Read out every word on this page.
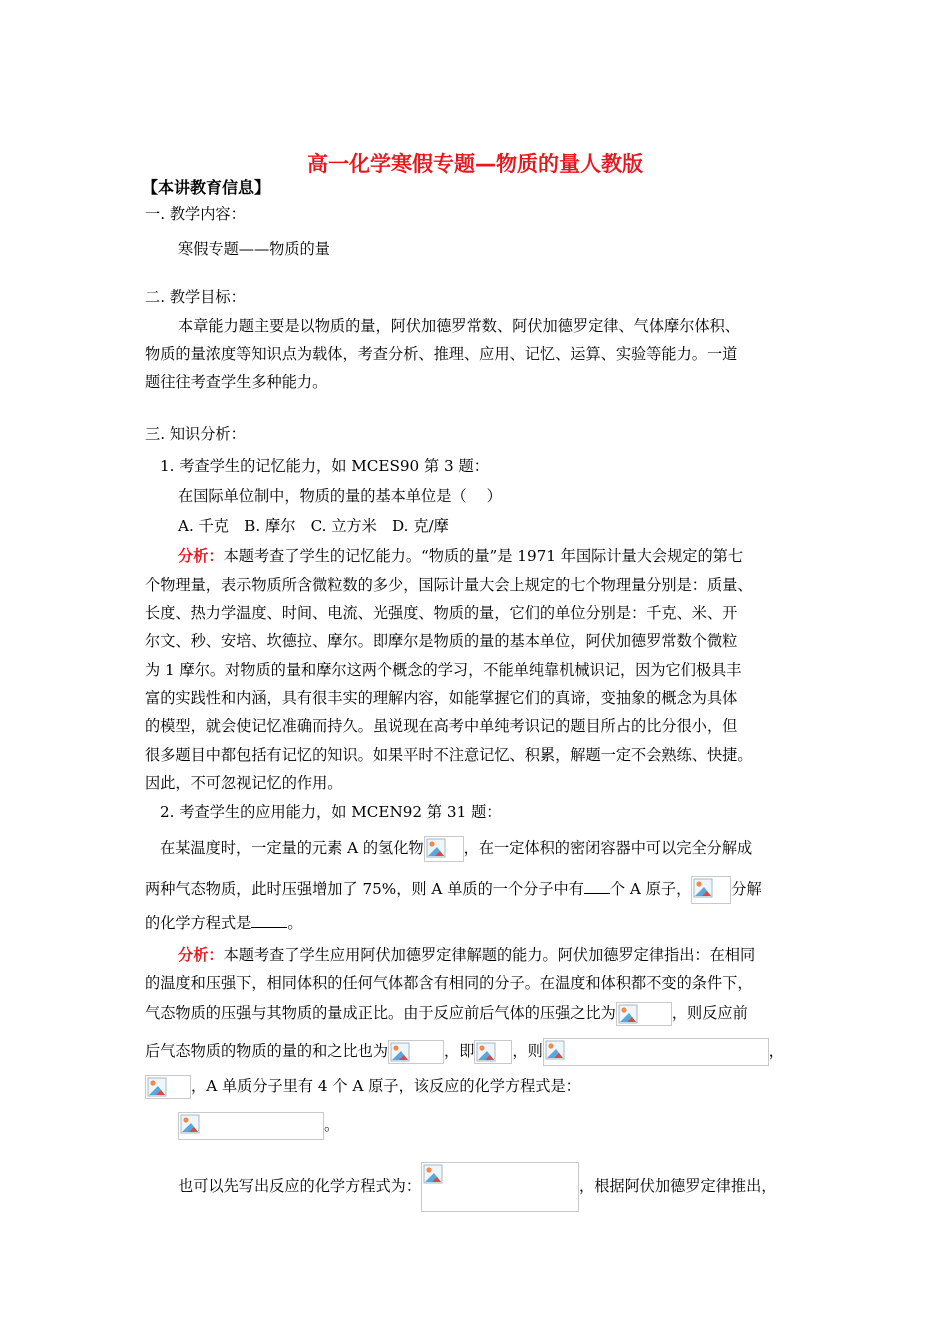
高一化学寒假专题—物质的量人教版
【本讲教育信息】
一. 教学内容：
寒假专题——物质的量
二. 教学目标：
本章能力题主要是以物质的量，阿伏加德罗常数、阿伏加德罗定律、气体摩尔体积、
物质的量浓度等知识点为载体，考查分析、推理、应用、记忆、运算、实验等能力。一道
题往往考查学生多种能力。
三. 知识分析：
1. 考查学生的记忆能力，如 MCES90 第 3 题：
在国际单位制中，物质的量的基本单位是（　 ）
A. 千克　B. 摩尔　C. 立方米　D. 克/摩
分析：本题考查了学生的记忆能力。“物质的量”是 1971 年国际计量大会规定的第七
个物理量，表示物质所含微粒数的多少，国际计量大会上规定的七个物理量分别是：质量、
长度、热力学温度、时间、电流、光强度、物质的量，它们的单位分别是：千克、米、开
尔文、秒、安培、坎德拉、摩尔。即摩尔是物质的量的基本单位，阿伏加德罗常数个微粒
为 1 摩尔。对物质的量和摩尔这两个概念的学习，不能单纯靠机械识记，因为它们极具丰
富的实践性和内涵，具有很丰实的理解内容，如能掌握它们的真谛，变抽象的概念为具体
的模型，就会使记忆准确而持久。虽说现在高考中单纯考识记的题目所占的比分很小，但
很多题目中都包括有记忆的知识。如果平时不注意记忆、积累，解题一定不会熟练、快捷。
因此，不可忽视记忆的作用。
2. 考查学生的应用能力，如 MCEN92 第 31 题：
在某温度时，一定量的元素 A 的氢化物	，在一定体积的密闭容器中可以完全分解成
两种气态物质，此时压强增加了 75%，则 A 单质的一个分子中有 个 A 原子，	分解
的化学方程式是 。
分析：本题考查了学生应用阿伏加德罗定律解题的能力。阿伏加德罗定律指出：在相同
的温度和压强下，相同体积的任何气体都含有相同的分子。在温度和体积都不变的条件下，
气态物质的压强与其物质的量成正比。由于反应前后气体的压强之比为	，则反应前
后气态物质的物质的量的和之比也为	，即	，则	，
，A 单质分子里有 4 个 A 原子，该反应的化学方程式是：
。
也可以先写出反应的化学方程式为：	，根据阿伏加德罗定律推出，
